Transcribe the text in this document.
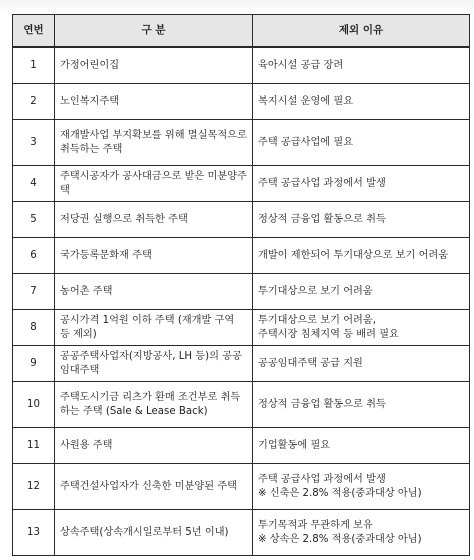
연번	구 분	제외 이유
1	가정어린이집	육아시설 공급 장려

2	노인복지주택	복지시설 운영에 필요

3	재개발사업 부지확보를 위해 멸실목적으로 취득하는 주택	주택 공급사업에 필요

4	주택시공자가 공사대금으로 받은 미분양주택	주택 공급사업 과정에서 발생

5	저당권 실행으로 취득한 주택	정상적 금융업 활동으로 취득

6	국가등록문화재 주택	개발이 제한되어 투기대상으로 보기 어려움

7	농어촌 주택	투기대상으로 보기 어려움

8	공시가격 1억원 이하 주택 (재개발 구역 등 제외)	투기대상으로 보기 어려움,
주택시장 침체지역 등 배려 필요

9	공공주택사업자(지방공사, LH 등)의 공공임대주택	공공임대주택 공급 지원

10	주택도시기금 리츠가 환매 조건부로 취득하는 주택 (Sale & Lease Back)	정상적 금융업 활동으로 취득

11	사원용 주택	기업활동에 필요

12	주택건설사업자가 신축한 미분양된 주택	주택 공급사업 과정에서 발생
※ 신축은 2.8% 적용(중과대상 아님)

13	상속주택(상속개시일로부터 5년 이내)	투기목적과 무관하게 보유
※ 상속은 2.8% 적용(중과대상 아님)
